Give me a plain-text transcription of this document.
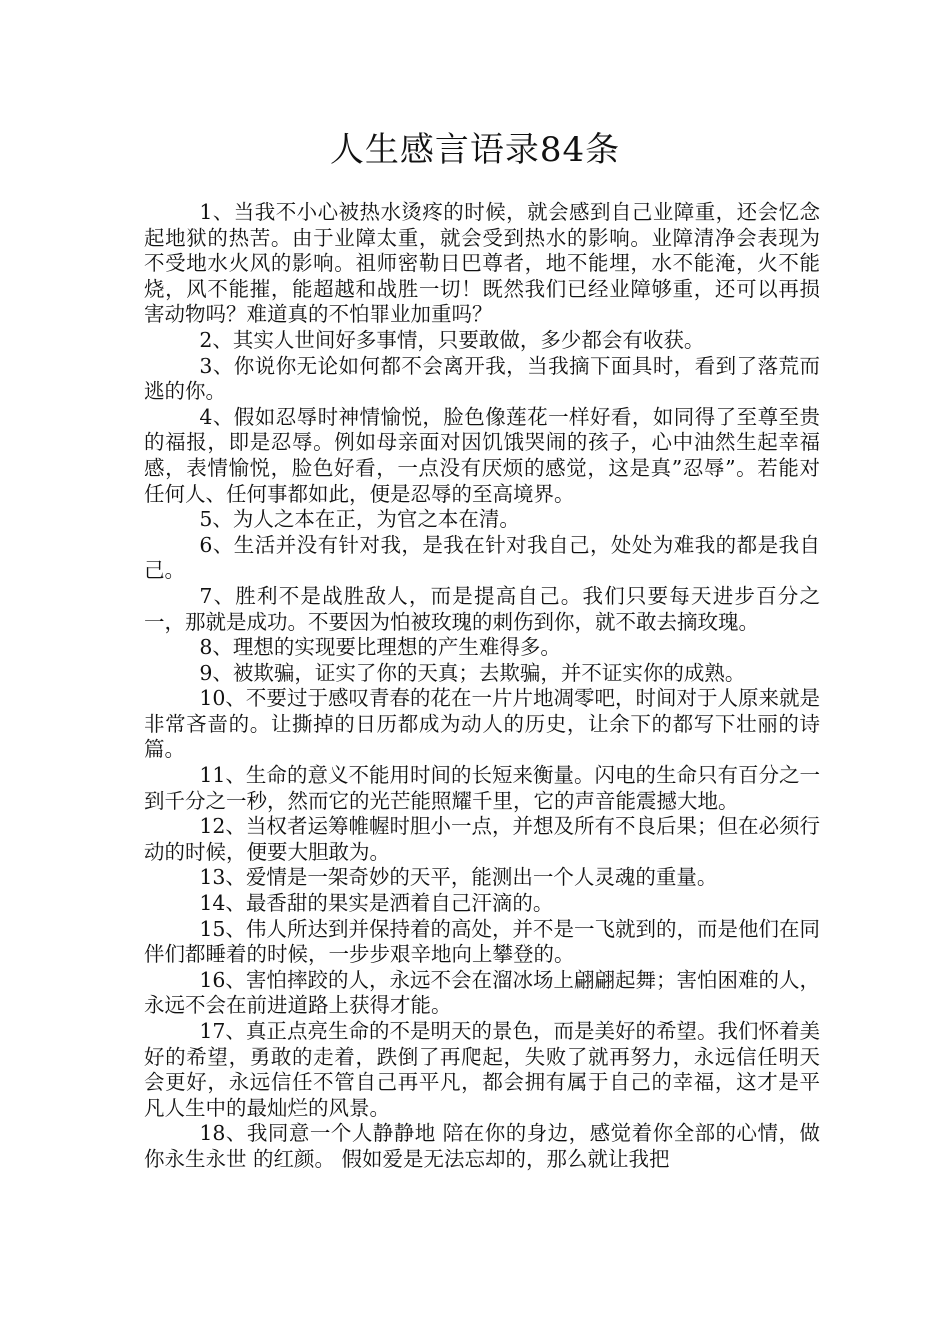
人生感言语录84条

1、当我不小心被热水烫疼的时候，就会感到自己业障重，还会忆念起地狱的热苦。由于业障太重，就会受到热水的影响。业障清净会表现为不受地水火风的影响。祖师密勒日巴尊者，地不能埋，水不能淹，火不能烧，风不能摧，能超越和战胜一切！既然我们已经业障够重，还可以再损害动物吗？难道真的不怕罪业加重吗？

2、其实人世间好多事情，只要敢做，多少都会有收获。

3、你说你无论如何都不会离开我，当我摘下面具时，看到了落荒而逃的你。

4、假如忍辱时神情愉悦，脸色像莲花一样好看，如同得了至尊至贵的福报，即是忍辱。例如母亲面对因饥饿哭闹的孩子，心中油然生起幸福感，表情愉悦，脸色好看，一点没有厌烦的感觉，这是真”忍辱”。若能对任何人、任何事都如此，便是忍辱的至高境界。

5、为人之本在正，为官之本在清。

6、生活并没有针对我，是我在针对我自己，处处为难我的都是我自己。

7、胜利不是战胜敌人，而是提高自己。我们只要每天进步百分之一，那就是成功。不要因为怕被玫瑰的刺伤到你，就不敢去摘玫瑰。

8、理想的实现要比理想的产生难得多。

9、被欺骗，证实了你的天真；去欺骗，并不证实你的成熟。

10、不要过于感叹青春的花在一片片地凋零吧，时间对于人原来就是非常吝啬的。让撕掉的日历都成为动人的历史，让余下的都写下壮丽的诗篇。

11、生命的意义不能用时间的长短来衡量。闪电的生命只有百分之一到千分之一秒，然而它的光芒能照耀千里，它的声音能震撼大地。

12、当权者运筹帷幄时胆小一点，并想及所有不良后果；但在必须行动的时候，便要大胆敢为。

13、爱情是一架奇妙的天平，能测出一个人灵魂的重量。

14、最香甜的果实是洒着自己汗滴的。

15、伟人所达到并保持着的高处，并不是一飞就到的，而是他们在同伴们都睡着的时候，一步步艰辛地向上攀登的。

16、害怕摔跤的人，永远不会在溜冰场上翩翩起舞；害怕困难的人，永远不会在前进道路上获得才能。

17、真正点亮生命的不是明天的景色，而是美好的希望。我们怀着美好的希望，勇敢的走着，跌倒了再爬起，失败了就再努力，永远信任明天会更好，永远信任不管自己再平凡，都会拥有属于自己的幸福，这才是平凡人生中的最灿烂的风景。

18、我同意一个人静静地 陪在你的身边，感觉着你全部的心情，做你永生永世 的红颜。 假如爱是无法忘却的，那么就让我把
